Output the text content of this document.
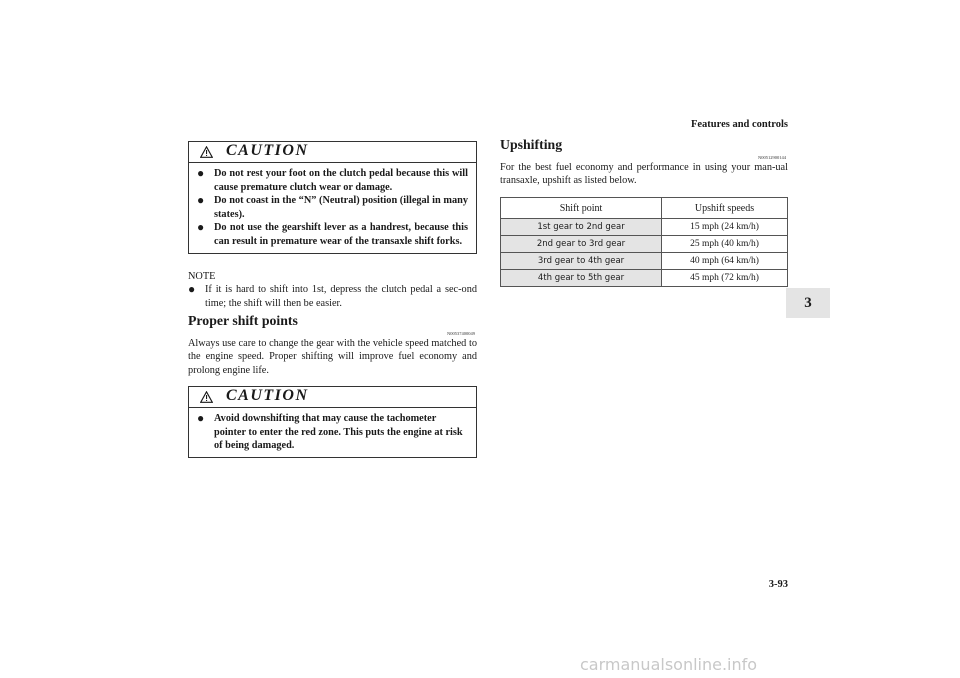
Features and controls
3
CAUTION
● Do not rest your foot on the clutch pedal because this will cause premature clutch wear or damage.
● Do not coast in the “N” (Neutral) position (illegal in many states).
● Do not use the gearshift lever as a handrest, because this can result in premature wear of the transaxle shift forks.
NOTE
● If it is hard to shift into 1st, depress the clutch pedal a sec-ond time; the shift will then be easier.
Proper shift points
N00537400049
Always use care to change the gear with the vehicle speed matched to the engine speed. Proper shifting will improve fuel economy and prolong engine life.
CAUTION
● Avoid downshifting that may cause the tachometer pointer to enter the red zone. This puts the engine at risk of being damaged.
Upshifting
N00512900144
For the best fuel economy and performance in using your man-ual transaxle, upshift as listed below.
Shift point	Upshift speeds
1st gear to 2nd gear	15 mph (24 km/h)
2nd gear to 3rd gear	25 mph (40 km/h)
3rd gear to 4th gear	40 mph (64 km/h)
4th gear to 5th gear	45 mph (72 km/h)
3-93
carmanualsonline.info
